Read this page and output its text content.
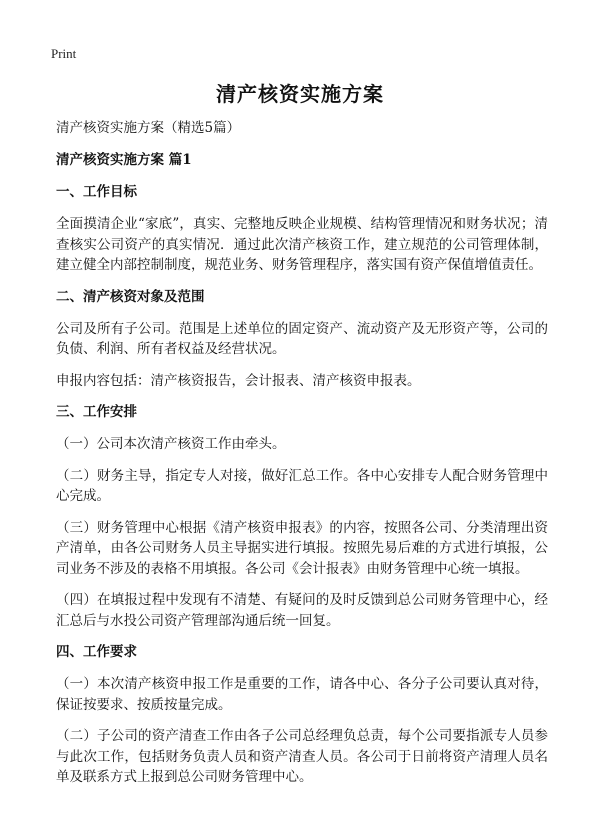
Print
清产核资实施方案
清产核资实施方案（精选5篇）
清产核资实施方案 篇1
一、工作目标
全面摸清企业“家底”，真实、完整地反映企业规模、结构管理情况和财务状况；清查核实公司资产的真实情况．通过此次清产核资工作，建立规范的公司管理体制，建立健全内部控制制度，规范业务、财务管理程序，落实国有资产保值增值责任。
二、清产核资对象及范围
公司及所有子公司。范围是上述单位的固定资产、流动资产及无形资产等，公司的负债、利润、所有者权益及经营状况。
申报内容包括：清产核资报告，会计报表、清产核资申报表。
三、工作安排
（一）公司本次清产核资工作由牵头。
（二）财务主导，指定专人对接，做好汇总工作。各中心安排专人配合财务管理中心完成。
（三）财务管理中心根据《清产核资申报表》的内容，按照各公司、分类清理出资产清单，由各公司财务人员主导据实进行填报。按照先易后难的方式进行填报，公司业务不涉及的表格不用填报。各公司《会计报表》由财务管理中心统一填报。
（四）在填报过程中发现有不清楚、有疑问的及时反馈到总公司财务管理中心，经汇总后与水投公司资产管理部沟通后统一回复。
四、工作要求
（一）本次清产核资申报工作是重要的工作，请各中心、各分子公司要认真对待，保证按要求、按质按量完成。
（二）子公司的资产清查工作由各子公司总经理负总责，每个公司要指派专人员参与此次工作，包括财务负责人员和资产清查人员。各公司于日前将资产清理人员名单及联系方式上报到总公司财务管理中心。
